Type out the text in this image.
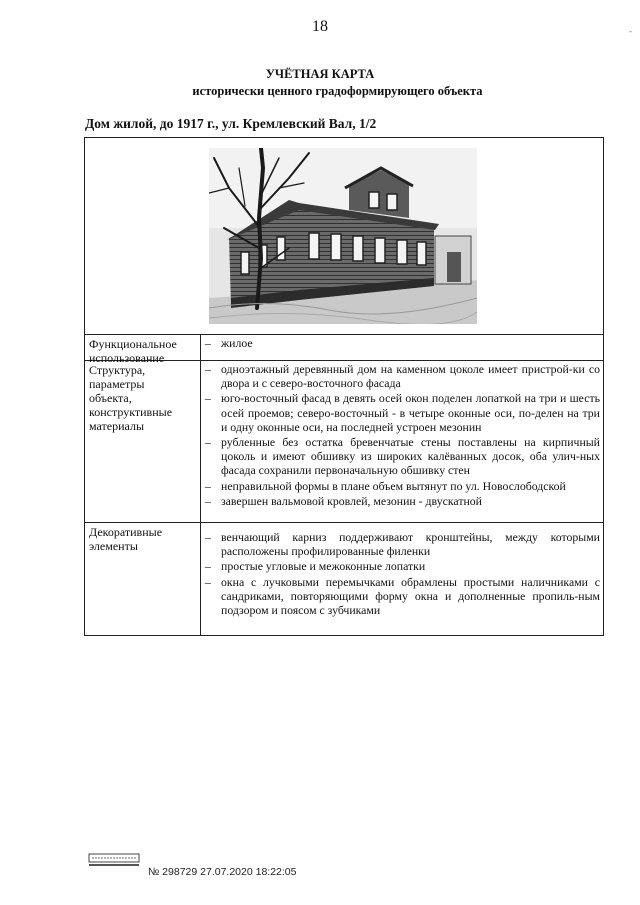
18	-
УЧЁТНАЯ КАРТА
исторически ценного градоформирующего объекта
Дом жилой, до 1917 г., ул. Кремлевский Вал, 1/2
Функциональное
использование
– жилое
Структура,
параметры
объекта,
конструктивные
материалы
– одноэтажный деревянный дом на каменном цоколе имеет пристрой-ки со двора и с северо-восточного фасада
– юго-восточный фасад в девять осей окон поделен лопаткой на три и шесть осей проемов; северо-восточный - в четыре оконные оси, по-делен на три и одну оконные оси, на последней устроен мезонин
– рубленные без остатка бревенчатые стены поставлены на кирпичный цоколь и имеют обшивку из широких калёванных досок, оба улич-ных фасада сохранили первоначальную обшивку стен
– неправильной формы в плане объем вытянут по ул. Новослободской
– завершен вальмовой кровлей, мезонин - двускатной
Декоративные
элементы
– венчающий карниз поддерживают кронштейны, между которыми расположены профилированные филенки
– простые угловые и межоконные лопатки
– окна с лучковыми перемычками обрамлены простыми наличниками с сандриками, повторяющими форму окна и дополненные пропиль-ным подзором и поясом с зубчиками
№ 298729 27.07.2020 18:22:05
